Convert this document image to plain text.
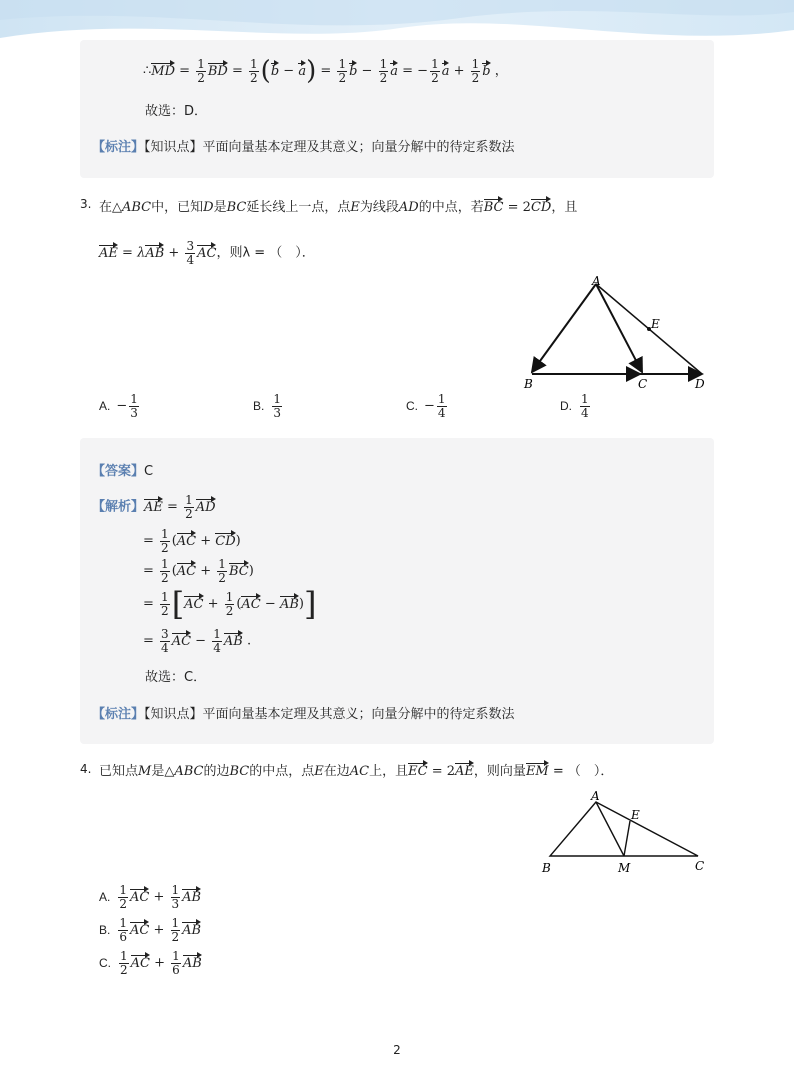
∴MD = $\frac{1}{2}$ BD = $\frac{1}{2} (b - a) = \frac{1}{2}$ $b - \frac{1}{2}$ a = − $\frac{1}{2}$ $a + \frac{1}{2}$ b ，
故选：D．
【标注】【知识点】平面向量基本定理及其意义；向量分解中的待定系数法
3. 在△ABC中，已知D是BC延长线上一点，点E为线段AD的中点，若BC = 2CD，且
AE = $\lambda AB + \frac{3}{4}$ AC，则λ = （　）．
A
E
B	C	D
A. − $\frac{1}{3}$	B. $\frac{1}{3}$	C. − $\frac{1}{4}$	D. $\frac{1}{4}$
【答案】C
【解析】AE = $\frac{1}{2}$ AD
= $\frac{1}{2} (AC + CD)$
= $\frac{1}{2} (AC + \frac{1}{2} BC)$
= $\frac{1}{2} [AC + \frac{1}{2} (AC - AB)]$
= $\frac{3}{4}$ AC − $\frac{1}{4}$ AB .
故选：C．
【标注】【知识点】平面向量基本定理及其意义；向量分解中的待定系数法
4. 已知点M是△ABC的边BC的中点，点E在边AC上，且EC = 2AE，则向量EM = （　）．
A
E
B	M	C
A. $\frac{1}{2}$ AC + $\frac{1}{3}$ AB
B. $\frac{1}{6}$ AC + $\frac{1}{2}$ AB
C. $\frac{1}{2}$ AC + $\frac{1}{6}$ AB
2
